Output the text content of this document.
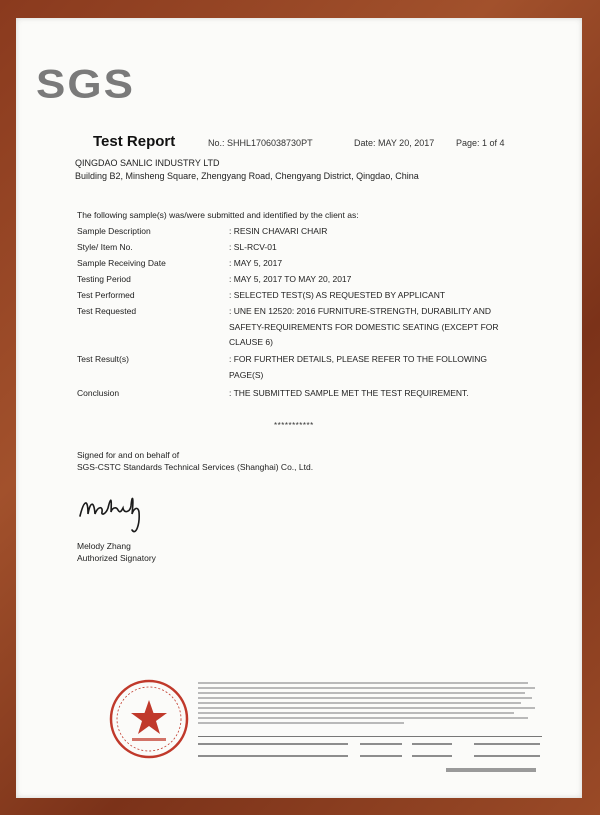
SGS
Test Report	No.: SHHL1706038730PT	Date: MAY 20, 2017 Page: 1 of 4
QINGDAO SANLIC INDUSTRY LTD
Building B2, Minsheng Square, Zhengyang Road, Chengyang District, Qingdao, China
The following sample(s) was/were submitted and identified by the client as:
Sample Description	: RESIN CHAVARI CHAIR
Style/ Item No.	: SL-RCV-01
Sample Receiving Date	: MAY 5, 2017
Testing Period	: MAY 5, 2017 TO MAY 20, 2017
Test Performed	: SELECTED TEST(S) AS REQUESTED BY APPLICANT
Test Requested	: UNE EN 12520: 2016 FURNITURE-STRENGTH, DURABILITY AND SAFETY-REQUIREMENTS FOR DOMESTIC SEATING (EXCEPT FOR CLAUSE 6)
Test Result(s)	: FOR FURTHER DETAILS, PLEASE REFER TO THE FOLLOWING PAGE(S)
Conclusion	: THE SUBMITTED SAMPLE MET THE TEST REQUIREMENT.
***********
Signed for and on behalf of
SGS-CSTC Standards Technical Services (Shanghai) Co., Ltd.
Melody Zhang
Authorized Signatory
